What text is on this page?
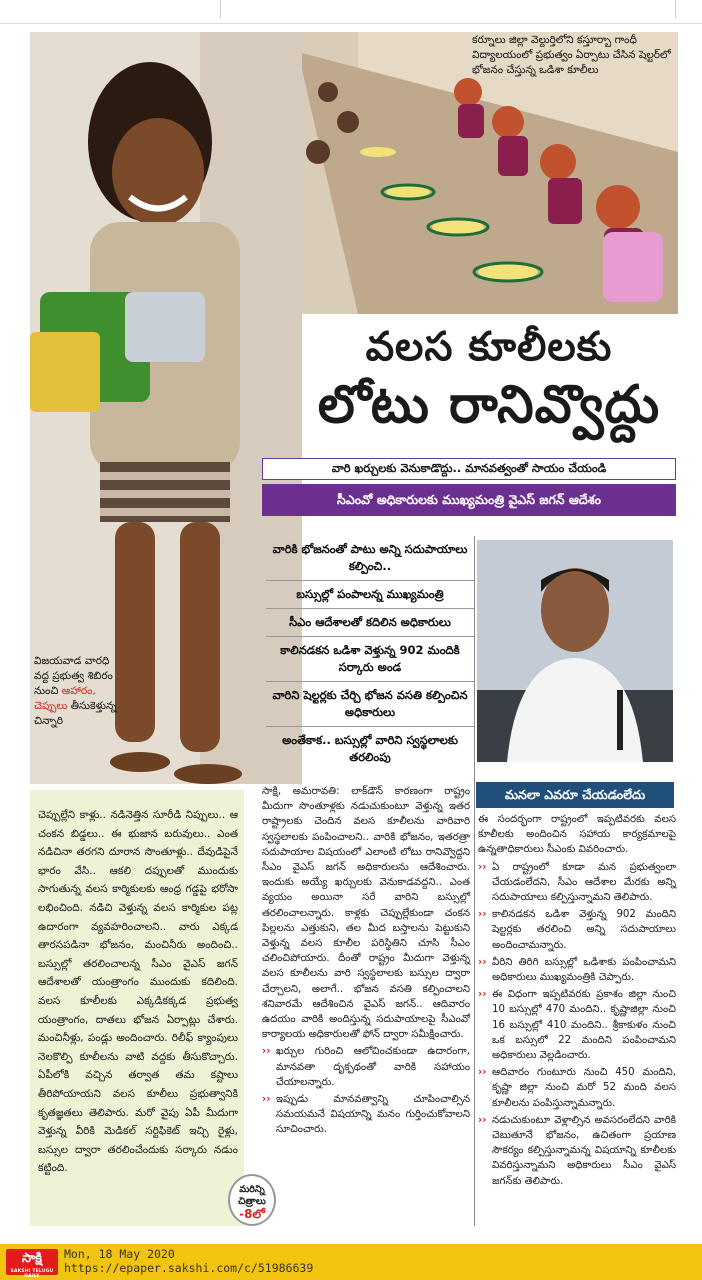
కర్నూలు జిల్లా వెల్దుర్తిలోని కస్తూర్బా గాంధీ విద్యాలయంలో ప్రభుత్వం ఏర్పాటు చేసిన షెల్టర్‌లో భోజనం చేస్తున్న ఒడిశా కూలీలు
విజయవాడ వారధి వద్ద ప్రభుత్వ శిబిరం నుంచి ఆహారం, చెప్పులు తీసుకెళ్తున్న చిన్నారి
వలస కూలీలకు
లోటు రానివ్వొద్దు
వారి ఖర్చులకు వెనుకాడొద్దు.. మానవత్వంతో సాయం చేయండి
సీఎంవో అధికారులకు ముఖ్యమంత్రి వైఎస్‌ జగన్‌ ఆదేశం
వారికి భోజనంతో పాటు అన్ని సదుపాయాలు కల్పించి..
బస్సుల్లో పంపాలన్న ముఖ్యమంత్రి
సీఎం ఆదేశాలతో కదిలిన అధికారులు
కాలినడకన ఒడిశా వెళ్తున్న 902 మందికి సర్కారు అండ
వారిని షెల్టర్లకు చేర్చి భోజన వసతి కల్పించిన అధికారులు
అంతేకాక.. బస్సుల్లో వారిని స్వస్థలాలకు తరలింపు
మనలా ఎవరూ చేయడంలేదు

చెప్పుల్లేని కాళ్లు.. నడినెత్తిన సూరీడి నిప్పులు.. ఆ చంకన బిడ్డలు.. ఈ భుజాన బరువులు.. ఎంత నడిచినా తరగని దూరాన సొంతూళ్లు.. దేవుడిపైనే భారం వేసి.. ఆకలి దప్పులతో ముందుకు సాగుతున్న వలస కార్మికులకు ఆంధ్ర గడ్డపై భరోసా లభించింది. నడిచి వెళ్తున్న వలస కార్మికుల పట్ల ఉదారంగా వ్యవహరించాలని.. వారు ఎక్కడ తారసపడినా భోజనం, మంచినీరు అందించి.. బస్సుల్లో తరలించాలన్న సీఎం వైఎస్‌ జగన్‌ ఆదేశాలతో యంత్రాంగం ముందుకు కదిలింది. వలస కూలీలకు ఎక్కడికక్కడ ప్రభుత్వ యంత్రాంగం, దాతలు భోజన ఏర్పాట్లు చేశారు. మంచినీళ్లు, పండ్లు అందించారు. రిలీఫ్‌ క్యాంపులు నెలకొల్పి కూలీలను వాటి వద్దకు తీసుకొచ్చారు. ఏపీలోకి వచ్చిన తర్వాత తమ కష్టాలు తీరిపోయాయని వలస కూలీలు ప్రభుత్వానికి కృతజ్ఞతలు తెలిపారు. మరో వైపు ఏపీ మీదుగా వెళ్తున్న వీరికి మెడికల్‌ సర్టిఫికెట్‌ ఇచ్చి రైళ్లు, బస్సుల ద్వారా తరలించేందుకు సర్కారు నడుం కట్టింది.

మరిన్ని
చిత్రాలు
-8లో

సాక్షి, అమరావతి: లాక్‌డౌన్‌ కారణంగా రాష్ట్రం మీదుగా సొంతూళ్లకు నడుచుకుంటూ వెళ్తున్న ఇతర రాష్ట్రాలకు చెందిన వలస కూలీలను వారివారి స్వస్థలాలకు పంపించాలని.. వారికి భోజనం, ఇతరత్రా సదుపాయాల విషయంలో ఎలాంటి లోటు రానివ్వొద్దని సీఎం వైఎస్‌ జగన్‌ అధికారులను ఆదేశించారు. ఇందుకు అయ్యే ఖర్చులకు వెనుకాడవద్దని.. ఎంత వ్యయం అయినా సరే వారిని బస్సుల్లో తరలించాలన్నారు. కాళ్లకు చెప్పుల్లేకుండా చంకన పిల్లలను ఎత్తుకుని, తల మీద బస్తాలను పెట్టుకుని వెళ్తున్న వలస కూలీల పరిస్థితిని చూసి సీఎం చలించిపోయారు. దీంతో రాష్ట్రం మీదుగా వెళ్తున్న వలస కూలీలను వారి స్వస్థలాలకు బస్సుల ద్వారా చేర్చాలని, అలాగే.. భోజన వసతి కల్పించాలని శనివారమే ఆదేశించిన వైఎస్‌ జగన్‌.. ఆదివారం ఉదయం వారికి అందిస్తున్న సదుపాయాలపై సీఎంవో కార్యాలయ అధికారులతో ఫోన్‌ ద్వారా సమీక్షించారు.

›› ఖర్చుల గురించి ఆలోచించకుండా ఉదారంగా, మానవతా దృక్పథంతో వారికి సహాయం చేయాలన్నారు.

›› ఇప్పుడు మానవత్వాన్ని చూపించాల్సిన సమయమనే విషయాన్ని మనం గుర్తించుకోవాలని సూచించారు.

ఈ సందర్భంగా రాష్ట్రంలో ఇప్పటివరకు వలస కూలీలకు అందించిన సహాయ కార్యక్రమాలపై ఉన్నతాధికారులు సీఎంకు వివరించారు.

›› ఏ రాష్ట్రంలో కూడా మన ప్రభుత్వంలా చేయడంలేదని, సీఎం ఆదేశాల మేరకు అన్ని సదుపాయాలు కల్పిస్తున్నామని తెలిపారు.

›› కాలినడకన ఒడిశా వెళ్తున్న 902 మందిని షెల్టర్లకు తరలించి అన్ని సదుపాయాలు అందించామన్నారు.

›› వీరిని తిరిగి బస్సుల్లో ఒడిశాకు పంపించామని అధికారులు ముఖ్యమంత్రికి చెప్పారు.

›› ఈ విధంగా ఇప్పటివరకు ప్రకాశం జిల్లా నుంచి 10 బస్సుల్లో 470 మందిని.. కృష్ణాజిల్లా నుంచి 16 బస్సుల్లో 410 మందిని.. శ్రీకాకుళం నుంచి ఒక బస్సులో 22 మందిని పంపించామని అధికారులు వెల్లడించారు.

›› ఆదివారం గుంటూరు నుంచి 450 మందిని, కృష్ణా జిల్లా నుంచి మరో 52 మంది వలస కూలీలను పంపిస్తున్నామన్నారు.

›› నడుచుకుంటూ వెళ్లాల్సిన అవసరంలేదని వారికి చెబుతూనే భోజనం, ఉచితంగా ప్రయాణ సౌకర్యం కల్పిస్తున్నామన్న విషయాన్ని కూలీలకు వివరిస్తున్నామని అధికారులు సీఎం వైఎస్‌ జగన్‌కు తెలిపారు.

సాక్షి
SAKSHI TELUGU DAILY
Mon, 18 May 2020
https://epaper.sakshi.com/c/51986639
